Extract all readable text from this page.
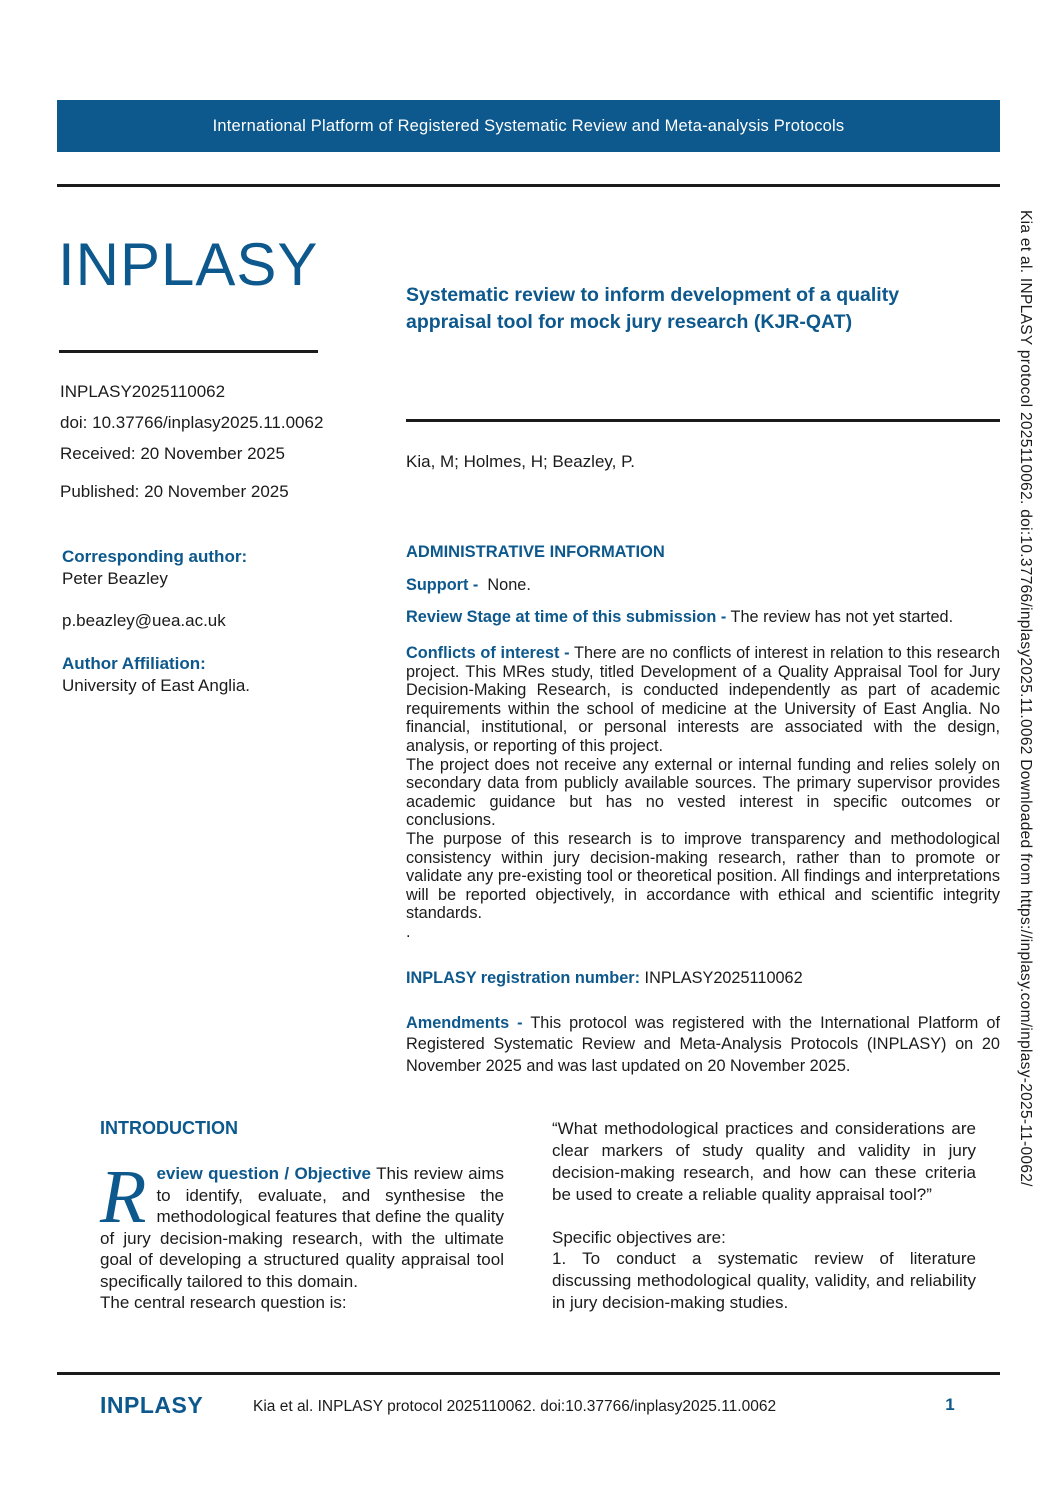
International Platform of Registered Systematic Review and Meta-analysis Protocols
INPLASY
INPLASY2025110062
doi: 10.37766/inplasy2025.11.0062
Received: 20 November 2025
Published: 20 November 2025
Corresponding author:
Peter Beazley
p.beazley@uea.ac.uk
Author Affiliation:
University of East Anglia.
Systematic review to inform development of a quality appraisal tool for mock jury research (KJR-QAT)
Kia, M; Holmes, H; Beazley, P.
ADMINISTRATIVE INFORMATION

Support - None.

Review Stage at time of this submission - The review has not yet started.

Conflicts of interest - There are no conflicts of interest in relation to this research project. This MRes study, titled Development of a Quality Appraisal Tool for Jury Decision-Making Research, is conducted independently as part of academic requirements within the school of medicine at the University of East Anglia. No financial, institutional, or personal interests are associated with the design, analysis, or reporting of this project.

The project does not receive any external or internal funding and relies solely on secondary data from publicly available sources. The primary supervisor provides academic guidance but has no vested interest in specific outcomes or conclusions.

The purpose of this research is to improve transparency and methodological consistency within jury decision-making research, rather than to promote or validate any pre-existing tool or theoretical position. All findings and interpretations will be reported objectively, in accordance with ethical and scientific integrity standards.

.

INPLASY registration number: INPLASY2025110062

Amendments - This protocol was registered with the International Platform of Registered Systematic Review and Meta-Analysis Protocols (INPLASY) on 20 November 2025 and was last updated on 20 November 2025.

INTRODUCTION
Review question / Objective This review aims to identify, evaluate, and synthesise the methodological features that define the quality of jury decision-making research, with the ultimate goal of developing a structured quality appraisal tool specifically tailored to this domain.
The central research question is:

“What methodological practices and considerations are clear markers of study quality and validity in jury decision-making research, and how can these criteria be used to create a reliable quality appraisal tool?”

Specific objectives are:
1. To conduct a systematic review of literature discussing methodological quality, validity, and reliability in jury decision-making studies.
INPLASY	Kia et al. INPLASY protocol 2025110062. doi:10.37766/inplasy2025.11.0062	1
Kia et al. INPLASY protocol 2025110062. doi:10.37766/inplasy2025.11.0062 Downloaded from https://inplasy.com/inplasy-2025-11-0062/
